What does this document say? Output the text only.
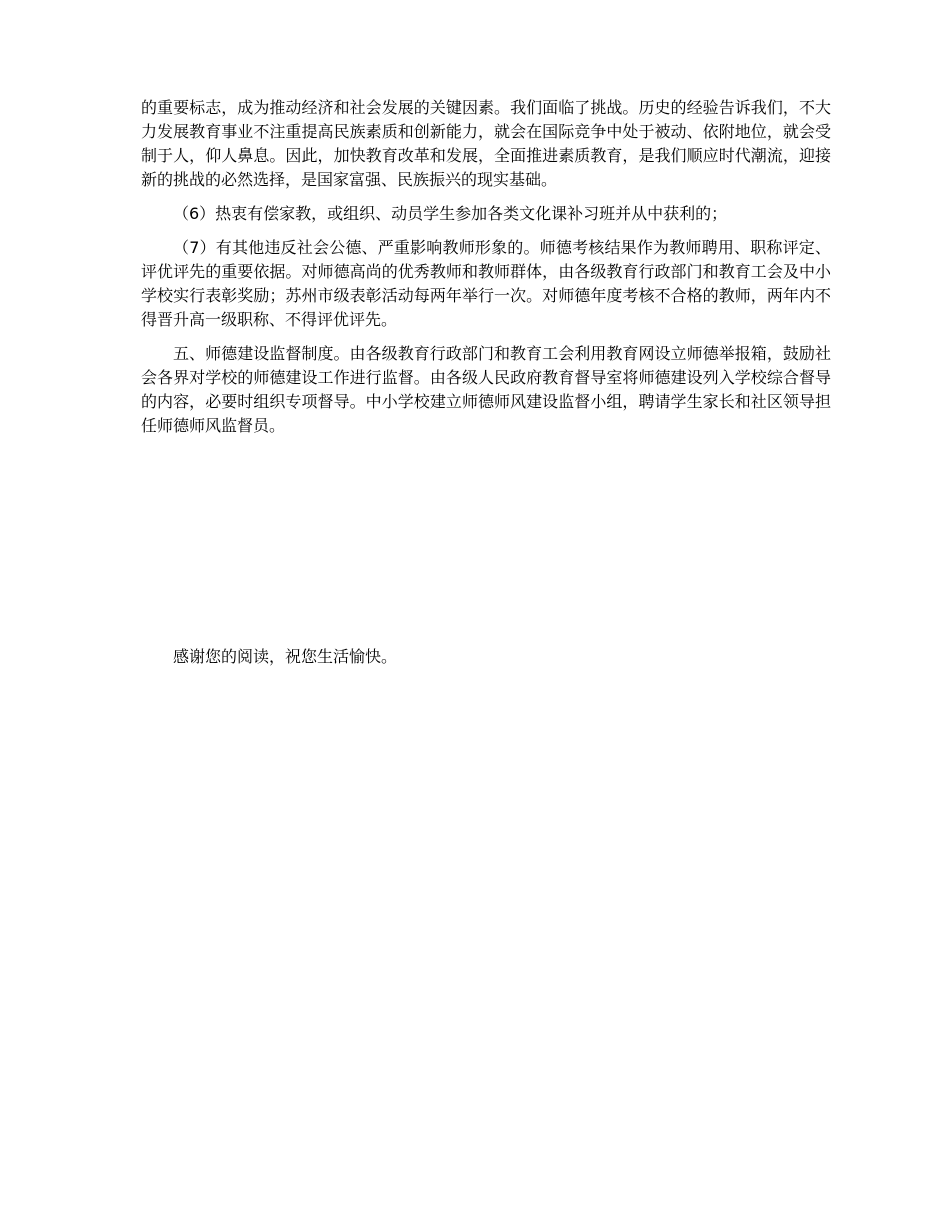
的重要标志，成为推动经济和社会发展的关键因素。我们面临了挑战。历史的经验告诉我们，不大力发展教育事业不注重提高民族素质和创新能力，就会在国际竞争中处于被动、依附地位，就会受制于人，仰人鼻息。因此，加快教育改革和发展，全面推进素质教育，是我们顺应时代潮流，迎接新的挑战的必然选择，是国家富强、民族振兴的现实基础。

（6）热衷有偿家教，或组织、动员学生参加各类文化课补习班并从中获利的；

（7）有其他违反社会公德、严重影响教师形象的。师德考核结果作为教师聘用、职称评定、评优评先的重要依据。对师德高尚的优秀教师和教师群体，由各级教育行政部门和教育工会及中小学校实行表彰奖励；苏州市级表彰活动每两年举行一次。对师德年度考核不合格的教师，两年内不得晋升高一级职称、不得评优评先。

五、师德建设监督制度。由各级教育行政部门和教育工会利用教育网设立师德举报箱，鼓励社会各界对学校的师德建设工作进行监督。由各级人民政府教育督导室将师德建设列入学校综合督导的内容，必要时组织专项督导。中小学校建立师德师风建设监督小组，聘请学生家长和社区领导担任师德师风监督员。

感谢您的阅读，祝您生活愉快。
